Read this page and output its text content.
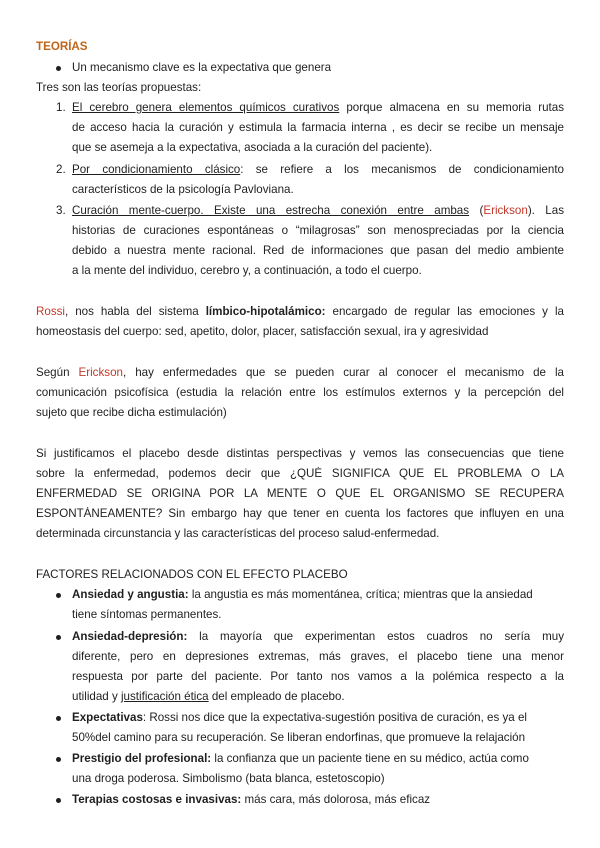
TEORÍAS
Un mecanismo clave es la expectativa que genera
Tres son las teorías propuestas:
1. El cerebro genera elementos químicos curativos porque almacena en su memoria rutas
de acceso hacia la curación y estimula la farmacia interna , es decir se recibe un mensaje
que se asemeja a la expectativa, asociada a la curación del paciente).
2. Por condicionamiento clásico: se refiere a los mecanismos de condicionamiento
característicos de la psicología Pavloviana.
3. Curación mente-cuerpo. Existe una estrecha conexión entre ambas (Erickson). Las
historias de curaciones espontáneas o “milagrosas” son menospreciadas por la ciencia
debido a nuestra mente racional. Red de informaciones que pasan del medio ambiente
a la mente del individuo, cerebro y, a continuación, a todo el cuerpo.
Rossi, nos habla del sistema límbico-hipotalámico: encargado de regular las emociones y la
homeostasis del cuerpo: sed, apetito, dolor, placer, satisfacción sexual, ira y agresividad
Según Erickson, hay enfermedades que se pueden curar al conocer el mecanismo de la
comunicación psicofísica (estudia la relación entre los estímulos externos y la percepción del
sujeto que recibe dicha estimulación)
Si justificamos el placebo desde distintas perspectivas y vemos las consecuencias que tiene
sobre la enfermedad, podemos decir que ¿QUÉ SIGNIFICA QUE EL PROBLEMA O LA
ENFERMEDAD SE ORIGINA POR LA MENTE O QUE EL ORGANISMO SE RECUPERA
ESPONTÁNEAMENTE? Sin embargo hay que tener en cuenta los factores que influyen en una
determinada circunstancia y las características del proceso salud-enfermedad.
FACTORES RELACIONADOS CON EL EFECTO PLACEBO
Ansiedad y angustia: la angustia es más momentánea, crítica; mientras que la ansiedad
tiene síntomas permanentes.
Ansiedad-depresión: la mayoría que experimentan estos cuadros no sería muy
diferente, pero en depresiones extremas, más graves, el placebo tiene una menor
respuesta por parte del paciente. Por tanto nos vamos a la polémica respecto a la
utilidad y justificación ética del empleado de placebo.
Expectativas: Rossi nos dice que la expectativa-sugestión positiva de curación, es ya el
50%del camino para su recuperación. Se liberan endorfinas, que promueve la relajación
Prestigio del profesional: la confianza que un paciente tiene en su médico, actúa como
una droga poderosa. Simbolismo (bata blanca, estetoscopio)
Terapias costosas e invasivas: más cara, más dolorosa, más eficaz
